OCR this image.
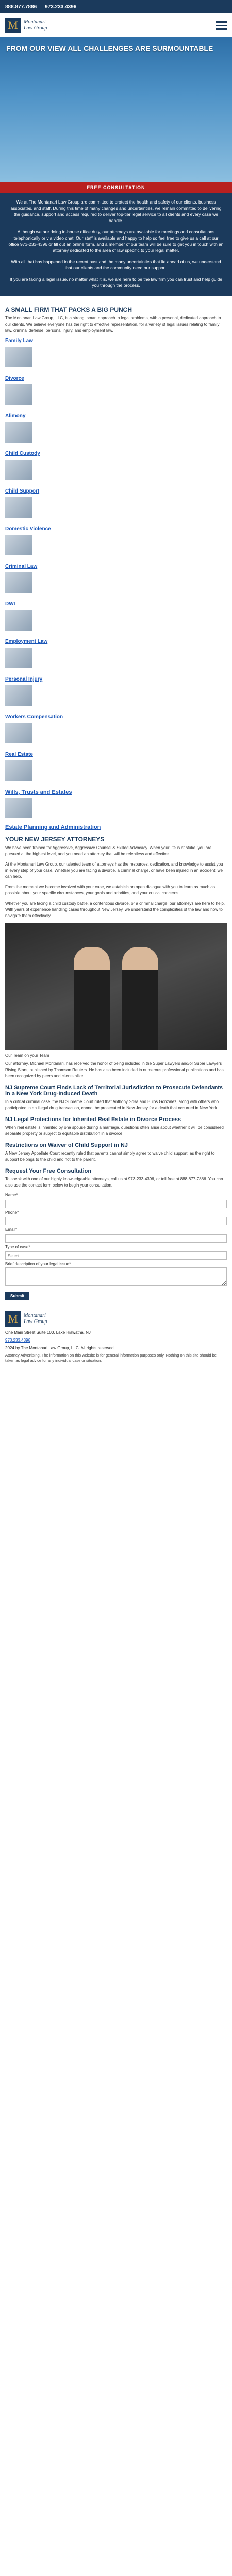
888.877.7886 973.233.4396
M	Montanari
Law Group
FROM OUR VIEW ALL CHALLENGES ARE SURMOUNTABLE
FREE CONSULTATION

We at The Montanari Law Group are committed to protect the health and safety of our clients, business associates, and staff. During this time of many changes and uncertainties, we remain committed to delivering the guidance, support and access required to deliver top-tier legal service to all clients and every case we handle.

Although we are doing in-house office duty, our attorneys are available for meetings and consultations telephonically or via video chat. Our staff is available and happy to help so feel free to give us a call at our office 973-233-4396 or fill out an online form, and a member of our team will be sure to get you in touch with an attorney dedicated to the area of law specific to your legal matter.

With all that has happened in the recent past and the many uncertainties that lie ahead of us, we understand that our clients and the community need our support.

If you are facing a legal issue, no matter what it is, we are here to be the law firm you can trust and help guide you through the process.

A SMALL FIRM THAT PACKS A BIG PUNCH

The Montanari Law Group, LLC, is a strong, smart approach to legal problems, with a personal, dedicated approach to our clients. We believe everyone has the right to effective representation, for a variety of legal issues relating to family law, criminal defense, personal injury, and employment law.

Family Law
Divorce
Alimony
Child Custody
Child Support
Domestic Violence
Criminal Law
DWI
Employment Law
Personal Injury
Workers Compensation
Real Estate
Wills, Trusts and Estates
Estate Planning and Administration
YOUR NEW JERSEY ATTORNEYS

We have been trained for Aggressive, Aggressive Counsel & Skilled Advocacy. When your life is at stake, you are pursued at the highest level, and you need an attorney that will be relentless and effective.

At the Montanari Law Group, our talented team of attorneys has the resources, dedication, and knowledge to assist you in every step of your case. Whether you are facing a divorce, a criminal charge, or have been injured in an accident, we can help.

From the moment we become involved with your case, we establish an open dialogue with you to learn as much as possible about your specific circumstances, your goals and priorities, and your critical concerns.

Whether you are facing a child custody battle, a contentious divorce, or a criminal charge, our attorneys are here to help. With years of experience handling cases throughout New Jersey, we understand the complexities of the law and how to navigate them effectively.

Our Team on your Team

Our attorney, Michael Montanari, has received the honor of being included in the Super Lawyers and/or Super Lawyers Rising Stars, published by Thomson Reuters. He has also been included in numerous professional publications and has been recognized by peers and clients alike.

NJ Supreme Court Finds Lack of Territorial Jurisdiction to Prosecute Defendants in a New York Drug-Induced Death

In a critical criminal case, the NJ Supreme Court ruled that Anthony Sosa and Bulos Gonzalez, along with others who participated in an illegal drug transaction, cannot be prosecuted in New Jersey for a death that occurred in New York.

NJ Legal Protections for Inherited Real Estate in Divorce Process

When real estate is inherited by one spouse during a marriage, questions often arise about whether it will be considered separate property or subject to equitable distribution in a divorce.

Restrictions on Waiver of Child Support in NJ

A New Jersey Appellate Court recently ruled that parents cannot simply agree to waive child support, as the right to support belongs to the child and not to the parent.

Request Your Free Consultation

To speak with one of our highly knowledgeable attorneys, call us at 973-233-4396, or toll free at 888-877-7886. You can also use the contact form below to begin your consultation.

Name*
Phone*
Email*
Type of case*
Select...
Brief description of your legal issue*
Submit
M	Montanari
Law Group

One Main Street Suite 100, Lake Hiawatha, NJ

973.233.4396

2024 by The Montanari Law Group, LLC. All rights reserved.

Attorney Advertising. The information on this website is for general information purposes only. Nothing on this site should be taken as legal advice for any individual case or situation.
